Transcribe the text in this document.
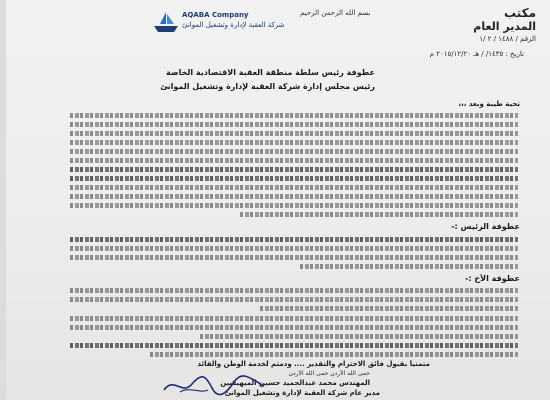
مكتب
المدير العام
الرقم / ١٤٨٨ / ٢ /١
بسم الله الرحمن الرحيم
AQABA Company
شركة العقبة لإدارة وتشغيل الموانئ
تاريخ : ١٤٣٥/ / هـ ٢٠١٥/١٢/٢٠ م
عطوفة رئيس سلطة منطقة العقبة الاقتصادية الخاصة
رئيس مجلس إدارة شركة العقبة لإدارة وتشغيل الموانئ
تحية طيبة وبعد ،،،
عطوفة الرئيس :-
عطوفة الأخ :-
متمنياً بقبول فائق الاحترام والتقدير .... ودمتم لخدمة الوطن والقائد
حمى الله الأردن حمى الله الأردن
المهندس محمد عبدالحميد حسين الميهيشين
مدير عام شركة العقبة لإدارة وتشغيل الموانئ
